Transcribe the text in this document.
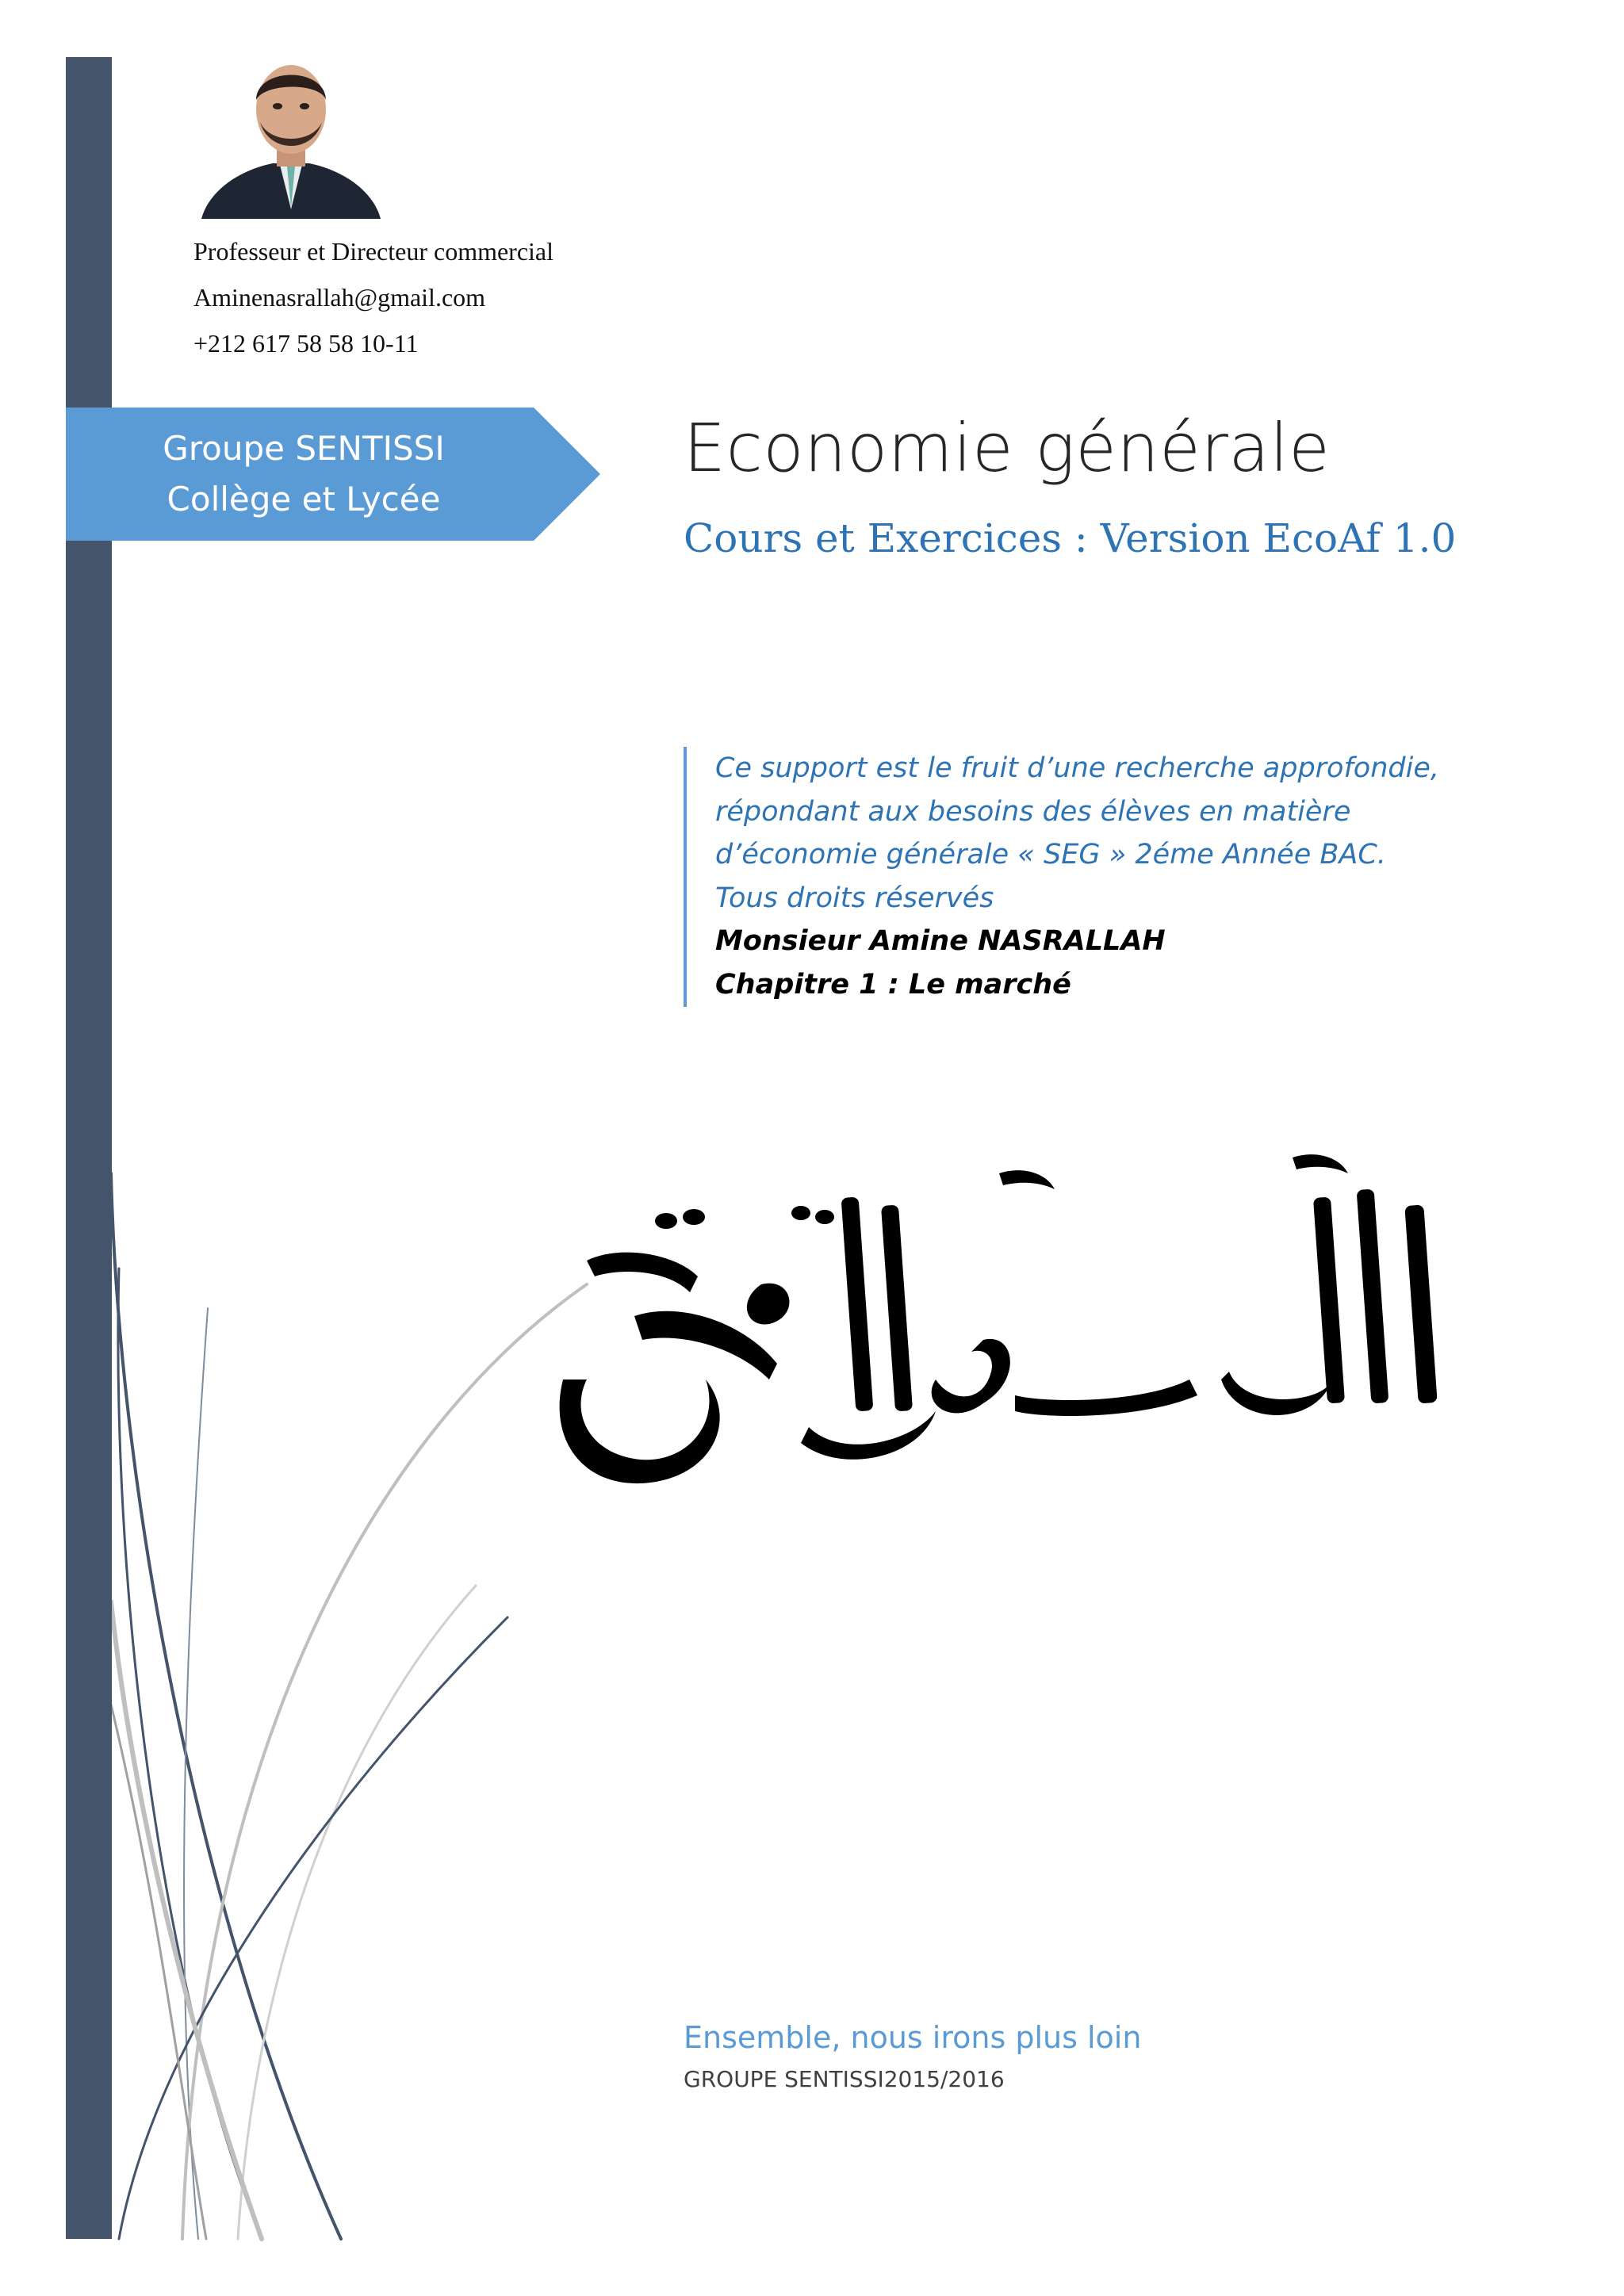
Professeur et Directeur commercial
Aminenasrallah@gmail.com
+212 617 58 58 10-11
Groupe SENTISSI
Collège et Lycée
Economie générale
Cours et Exercices : Version EcoAf 1.0
Ce support est le fruit d’une recherche approfondie,
répondant aux besoins des élèves en matière
d’économie générale « SEG » 2éme Année BAC.
Tous droits réservés
Monsieur Amine NASRALLAH
Chapitre 1 : Le marché
Ensemble, nous irons plus loin
GROUPE SENTISSI2015/2016
